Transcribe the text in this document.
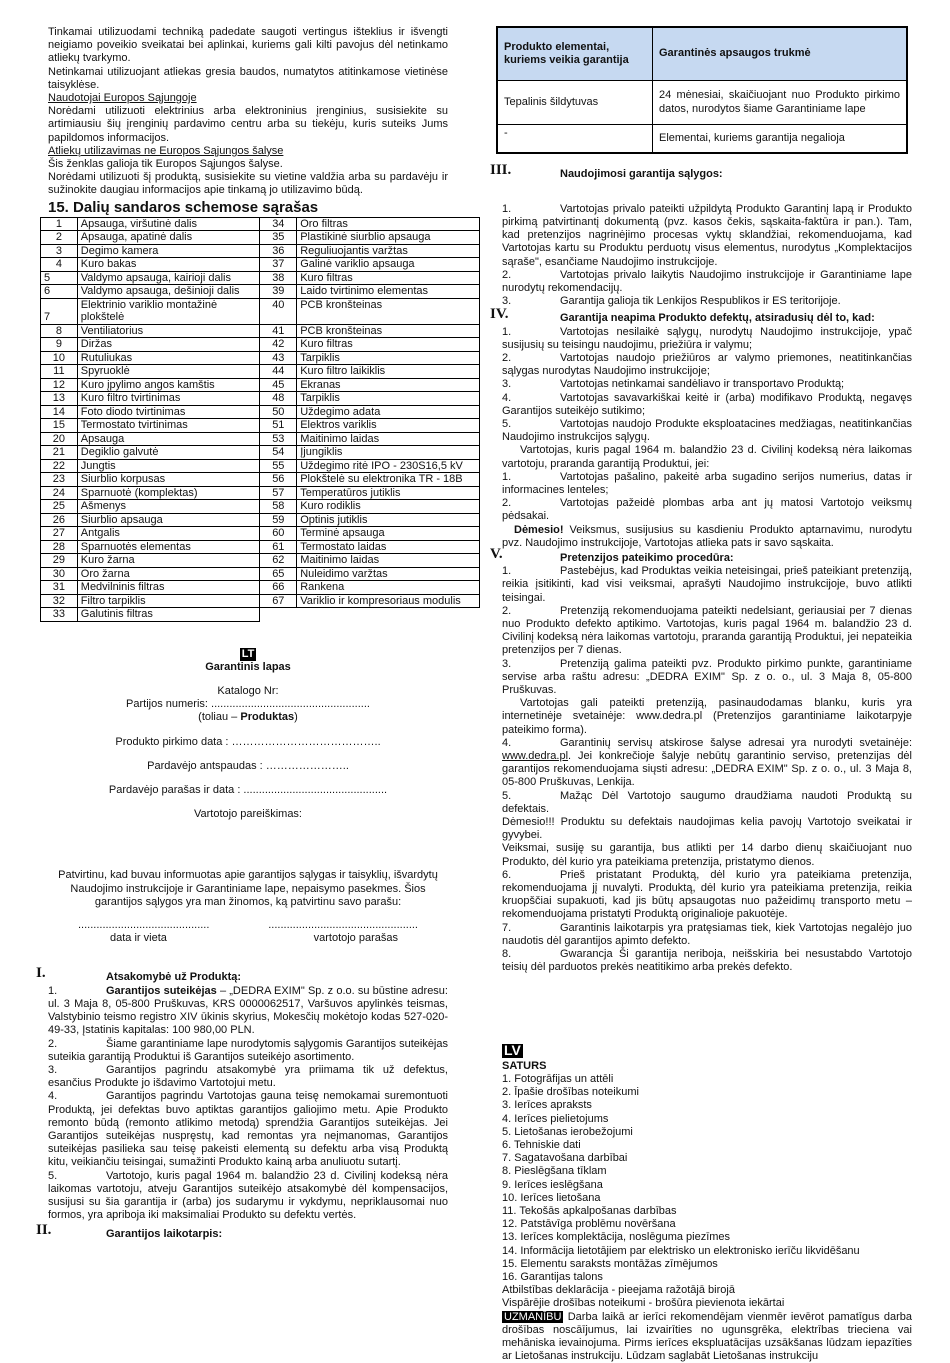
Tinkamai utilizuodami techniką padedate saugoti vertingus išteklius ir išvengti neigiamo poveikio sveikatai bei aplinkai, kuriems gali kilti pavojus dėl netinkamo atliekų tvarkymo.

Netinkamai utilizuojant atliekas gresia baudos, numatytos atitinkamose vietinėse taisyklėse.

Naudotojai Europos Sąjungoje

Norėdami utilizuoti elektrinius arba elektroninius įrenginius, susisiekite su artimiausiu šių įrenginių pardavimo centru arba su tiekėju, kuris suteiks Jums papildomos informacijos.

Atliekų utilizavimas ne Europos Sąjungos šalyse

Šis ženklas galioja tik Europos Sąjungos šalyse.

Norėdami utilizuoti šį produktą, susisiekite su vietine valdžia arba su pardavėju ir sužinokite daugiau informacijos apie tinkamą jo utilizavimo būdą.

15. Dalių sandaros schemose sąrašas
1	Apsauga, viršutinė dalis	34	Oro filtras
2	Apsauga, apatinė dalis	35	Plastikinė siurblio apsauga
3	Degimo kamera	36	Reguliuojantis varžtas
4	Kuro bakas	37	Galinė variklio apsauga
5	Valdymo apsauga, kairioji dalis	38	Kuro filtras
6	Valdymo apsauga, dešinioji dalis	39	Laido tvirtinimo elementas
7	Elektrinio variklio montažinė plokštelė	40	PCB kronšteinas
8	Ventiliatorius	41	PCB kronšteinas
9	Diržas	42	Kuro filtras
10	Rutuliukas	43	Tarpiklis
11	Spyruoklė	44	Kuro filtro laikiklis
12	Kuro įpylimo angos kamštis	45	Ekranas
13	Kuro filtro tvirtinimas	48	Tarpiklis
14	Foto diodo tvirtinimas	50	Uždegimo adata
15	Termostato tvirtinimas	51	Elektros variklis
20	Apsauga	53	Maitinimo laidas
21	Degiklio galvutė	54	Įjungiklis
22	Jungtis	55	Uždegimo ritė IPO - 230S16,5 kV
23	Siurblio korpusas	56	Plokštelė su elektronika TR - 18B
24	Sparnuotė (komplektas)	57	Temperatūros jutiklis
25	Ašmenys	58	Kuro rodiklis
26	Siurblio apsauga	59	Optinis jutiklis
27	Antgalis	60	Terminė apsauga
28	Sparnuotės elementas	61	Termostato laidas
29	Kuro žarna	62	Maitinimo laidas
30	Oro žarna	65	Nuleidimo varžtas
31	Medvilninis filtras	66	Rankena
32	Filtro tarpiklis	67	Variklio ir kompresoriaus modulis
33	Galutinis filtras		
LT
Garantinis lapas
Katalogo Nr:
Partijos numeris: ....................................................
(toliau – Produktas)
Produkto pirkimo data : …………………………………..
Pardavėjo antspaudas : …………………..
Pardavėjo parašas ir data : ...............................................
Vartotojo pareiškimas:
Patvirtinu, kad buvau informuotas apie garantijos sąlygas ir taisyklių, išvardytų Naudojimo instrukcijoje ir Garantiniame lape, nepaisymo pasekmes. Šios garantijos sąlygos yra man žinomos, ką patvirtinu savo parašu:
...........................................	.................................................
data ir vieta	vartotojo parašas
I.	Atsakomybė už Produktą:

1.	Garantijos suteikėjas – „DEDRA EXIM" Sp. z o.o. su būstine adresu: ul. 3 Maja 8, 05-800 Pruškuvas, KRS 0000062517, Varšuvos apylinkės teismas, Valstybinio teismo registro XIV ūkinis skyrius, Mokesčių mokėtojo kodas 527-020-49-33, Įstatinis kapitalas: 100 980,00 PLN.

2.	Šiame garantiniame lape nurodytomis sąlygomis Garantijos suteikėjas suteikia garantiją Produktui iš Garantijos suteikėjo asortimento.

3.	Garantijos pagrindu atsakomybė yra priimama tik už defektus, esančius Produkte jo išdavimo Vartotojui metu.

4.	Garantijos pagrindu Vartotojas gauna teisę nemokamai suremontuoti Produktą, jei defektas buvo aptiktas garantijos galiojimo metu. Apie Produkto remonto būdą (remonto atlikimo metodą) sprendžia Garantijos suteikėjas. Jei Garantijos suteikėjas nuspręstų, kad remontas yra neįmanomas, Garantijos suteikėjas pasilieka sau teisę pakeisti elementą su defektu arba visą Produktą kitu, veikiančiu teisingai, sumažinti Produkto kainą arba anuliuotu sutartį.

5.	Vartotojo, kuris pagal 1964 m. balandžio 23 d. Civilinį kodeksą nėra laikomas vartotoju, atveju Garantijos suteikėjo atsakomybė dėl kompensacijos, susijusi su šia garantija ir (arba) jos sudarymu ir vykdymu, nepriklausomai nuo formos, yra apriboja iki maksimaliai Produkto su defektu vertės.

II.	Garantijos laikotarpis:
Produkto elementai, kuriems veikia garantija	Garantinės apsaugos trukmė
Tepalinis šildytuvas	24 mėnesiai, skaičiuojant nuo Produkto pirkimo datos, nurodytos šiame Garantiniame lape
-	Elementai, kuriems garantija negalioja
III.	Naudojimosi garantija sąlygos:

1.	Vartotojas privalo pateikti užpildytą Produkto Garantinį lapą ir Produkto pirkimą patvirtinantį dokumentą (pvz. kasos čekis, sąskaita-faktūra ir pan.). Tam, kad pretenzijos nagrinėjimo procesas vyktų sklandžiai, rekomenduojama, kad Vartotojas kartu su Produktu perduotų visus elementus, nurodytus „Komplektacijos sąraše", esančiame Naudojimo instrukcijoje.

2.	Vartotojas privalo laikytis Naudojimo instrukcijoje ir Garantiniame lape nurodytų rekomendacijų.

3.	Garantija galioja tik Lenkijos Respublikos ir ES teritorijoje.

IV.	Garantija neapima Produkto defektų, atsiradusių dėl to, kad:

1.	Vartotojas nesilaikė sąlygų, nurodytų Naudojimo instrukcijoje, ypač susijusių su teisingu naudojimu, priežiūra ir valymu;

2.	Vartotojas naudojo priežiūros ar valymo priemones, neatitinkančias sąlygas nurodytas Naudojimo instrukcijoje;

3.	Vartotojas netinkamai sandėliavo ir transportavo Produktą;

4.	Vartotojas savavarkiškai keitė ir (arba) modifikavo Produktą, negavęs Garantijos suteikėjo sutikimo;

5.	Vartotojas naudojo Produkte eksploatacines medžiagas, neatitinkančias Naudojimo instrukcijos sąlygų.

Vartotojas, kuris pagal 1964 m. balandžio 23 d. Civilinį kodeksą nėra laikomas vartotoju, praranda garantiją Produktui, jei:

1.	Vartotojas pašalino, pakeitė arba sugadino serijos numerius, datas ir informacines lenteles;

2.	Vartotojas pažeidė plombas arba ant jų matosi Vartotojo veiksmų pėdsakai.

Dėmesio! Veiksmus, susijusius su kasdieniu Produkto aptarnavimu, nurodytu pvz. Naudojimo instrukcijoje, Vartotojas atlieka pats ir savo sąskaita.

V.	Pretenzijos pateikimo procedūra:

1.	Pastebėjus, kad Produktas veikia neteisingai, prieš pateikiant pretenziją, reikia įsitikinti, kad visi veiksmai, aprašyti Naudojimo instrukcijoje, buvo atlikti teisingai.

2.	Pretenziją rekomenduojama pateikti nedelsiant, geriausiai per 7 dienas nuo Produkto defekto aptikimo. Vartotojas, kuris pagal 1964 m. balandžio 23 d. Civilinį kodeksą nėra laikomas vartotoju, praranda garantiją Produktui, jei nepateikia pretenzijos per 7 dienas.

3.	Pretenziją galima pateikti pvz. Produkto pirkimo punkte, garantiniame servise arba raštu adresu: „DEDRA EXIM" Sp. z o. o., ul. 3 Maja 8, 05-800 Pruškuvas.

Vartotojas gali pateikti pretenziją, pasinaudodamas blanku, kuris yra internetinėje svetainėje: www.dedra.pl (Pretenzijos garantiniame laikotarpyje pateikimo forma).

4.	Garantinių servisų atskirose šalyse adresai yra nurodyti svetainėje: www.dedra.pl. Jei konkrečioje šalyje nebūtų garantinio serviso, pretenzijas dėl garantijos rekomenduojama siųsti adresu: „DEDRA EXIM" Sp. z o. o., ul. 3 Maja 8, 05-800 Pruškuvas, Lenkija.

5.	Mažąc Dėl Vartotojo saugumo draudžiama naudoti Produktą su defektais.

Dėmesio!!! Produktu su defektais naudojimas kelia pavojų Vartotojo sveikatai ir gyvybei.

Veiksmai, susiję su garantija, bus atlikti per 14 darbo dienų skaičiuojant nuo Produkto, dėl kurio yra pateikiama pretenzija, pristatymo dienos.

6.	Prieš pristatant Produktą, dėl kurio yra pateikiama pretenzija, rekomenduojama jį nuvalyti. Produktą, dėl kurio yra pateikiama pretenzija, reikia kruopščiai supakuoti, kad jis būtų apsaugotas nuo pažeidimų transporto metu – rekomenduojama pristatyti Produktą originalioje pakuotėje.

7.	Garantinis laikotarpis yra pratęsiamas tiek, kiek Vartotojas negalėjo juo naudotis dėl garantijos apimto defekto.

8.	Gwarancja Ši garantija neriboja, neišskiria bei nesustabdo Vartotojo teisių dėl parduotos prekės neatitikimo arba prekės defekto.

LV
SATURS
1. Fotogrāfijas un attēli
2. Īpašie drošības noteikumi
3. Ierīces apraksts
4. Ierīces pielietojums
5. Lietošanas ierobežojumi
6. Tehniskie dati
7. Sagatavošana darbībai
8. Pieslēgšana tīklam
9. Ierīces ieslēgšana
10. Ierīces lietošana
11. Tekošās apkalpošanas darbības
12. Patstāvīga problēmu novēršana
13. Ierīces komplektācija, noslēguma piezīmes
14. Informācija lietotājiem par elektrisko un elektronisko ierīču likvidēšanu
15. Elementu saraksts montāžas zīmējumos
16. Garantijas talons
Atbilstības deklarācija - pieejama ražotājā birojā
Vispārējie drošības noteikumi - brošūra pievienota iekārtai

UZMANĪBU Darba laikā ar ierīci rekomendējam vienmēr ievērot pamatīgus darba drošības noscāījumus, lai izvairīties no ugunsgrēka, elektrības trieciena vai mehāniska ievainojuma. Pirms ierīces ekspluatācijas uzsākšanas lūdzam iepazīties ar Lietošanas instrukciju. Lūdzam saglabāt Lietošanas instrukciju
